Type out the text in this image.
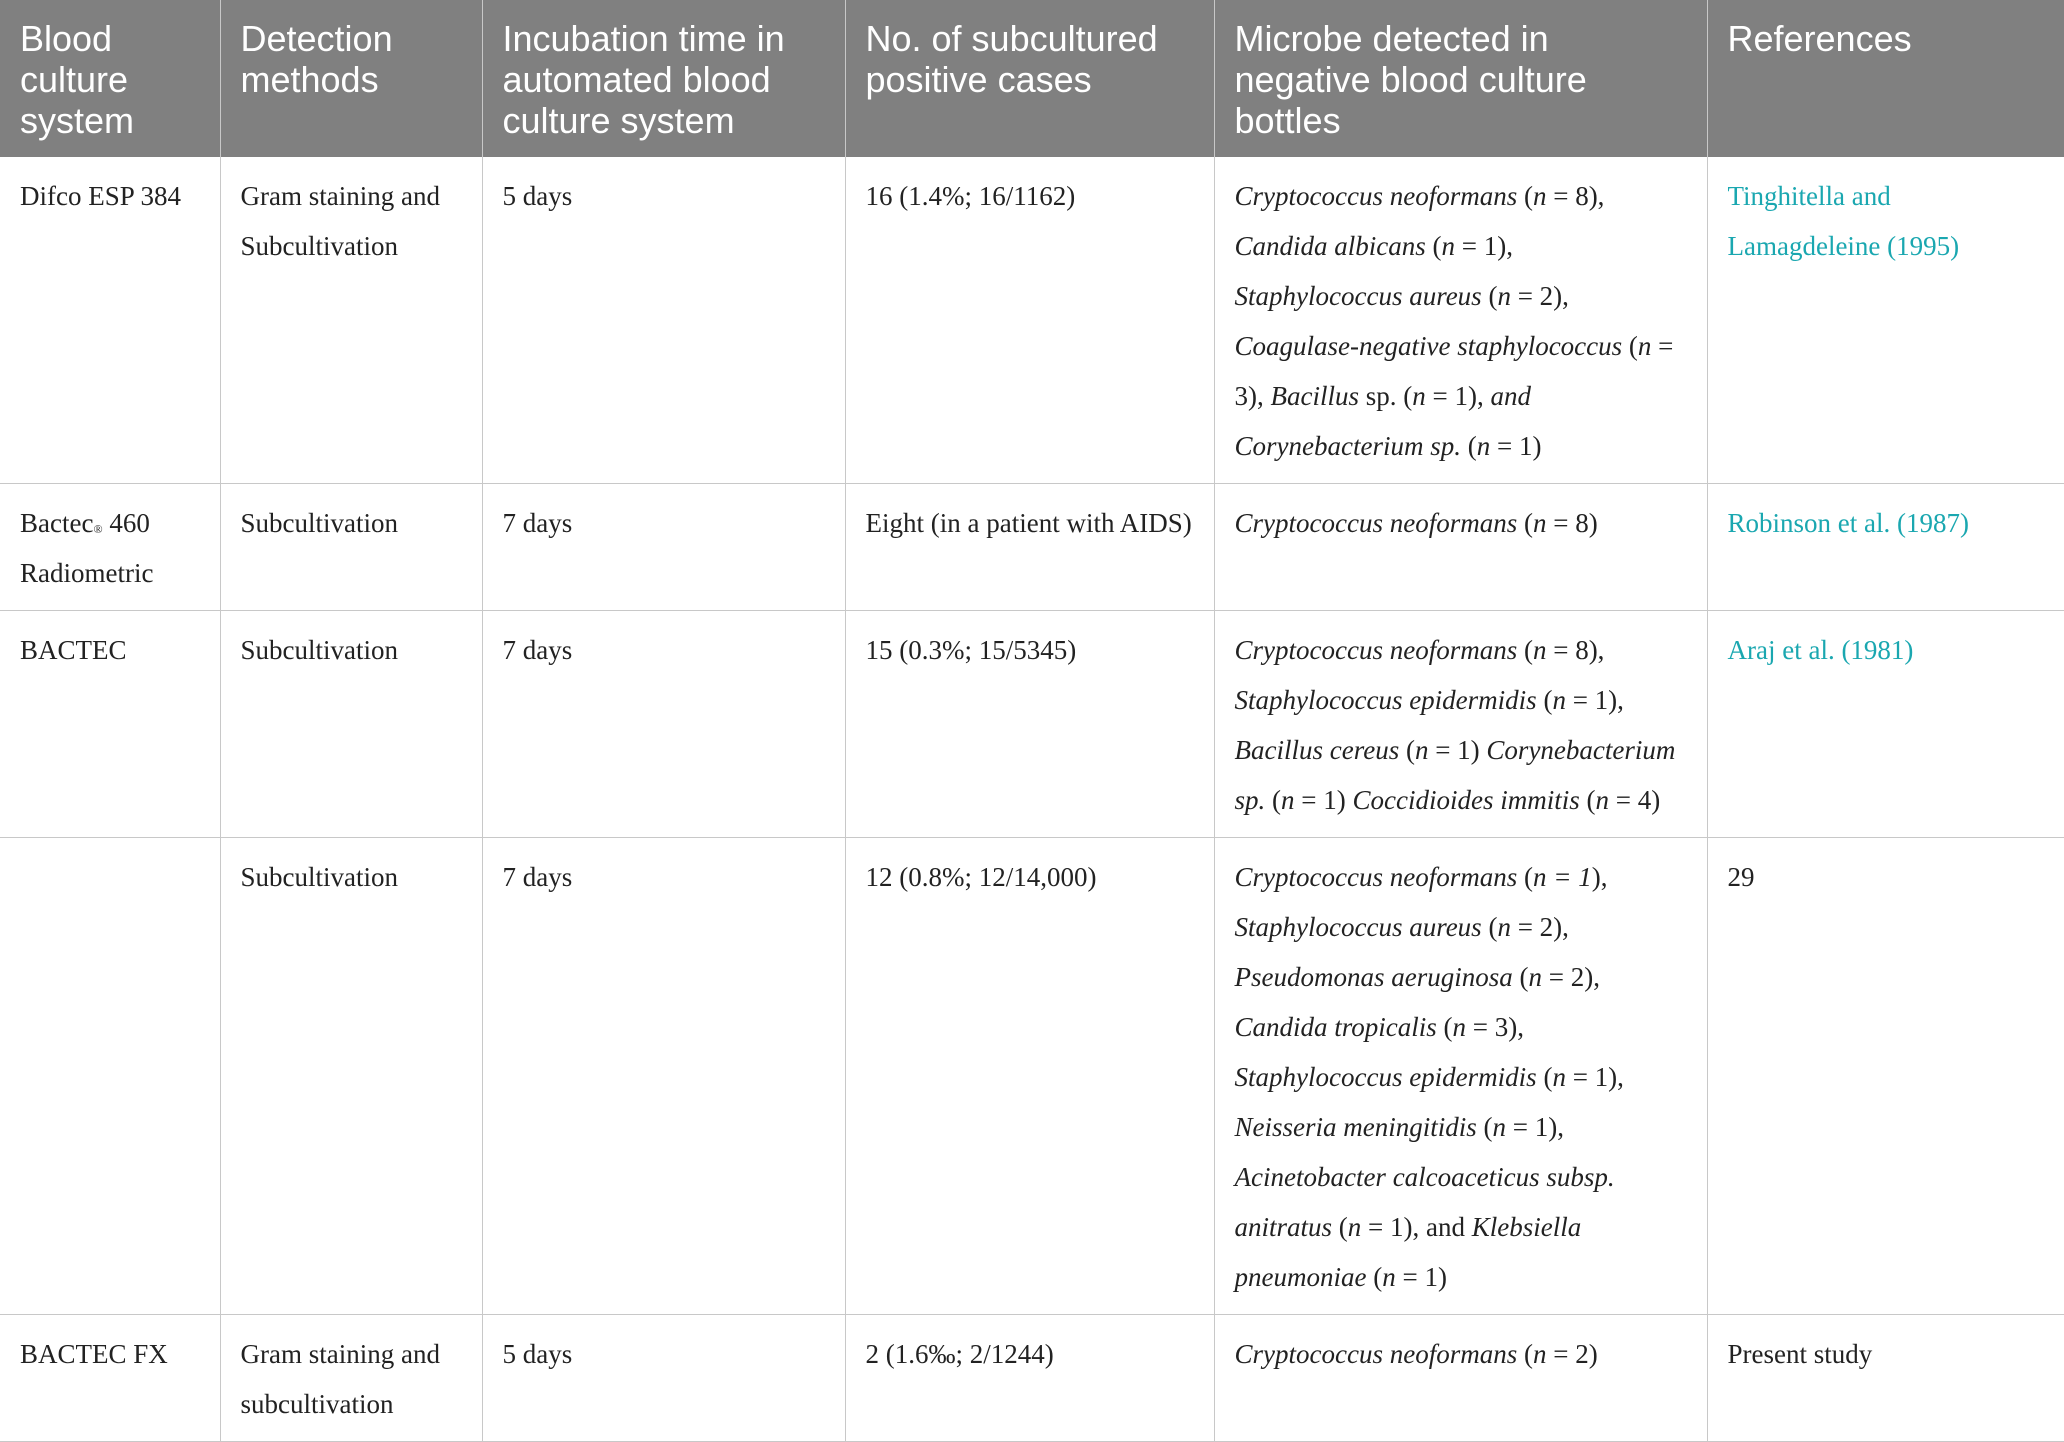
Blood culture system	Detection methods	Incubation time in automated blood culture system	No. of subcultured positive cases	Microbe detected in negative blood culture bottles	References
Difco ESP 384	Gram staining and Subcultivation	5 days	16 (1.4%; 16/1162)	Cryptococcus neoformans (n = 8), Candida albicans (n = 1), Staphylococcus aureus (n = 2), Coagulase-negative staphylococcus (n = 3), Bacillus sp. (n = 1), and Corynebacterium sp. (n = 1)	Tinghitella and Lamagdeleine (1995)
Bactec® 460 Radiometric	Subcultivation	7 days	Eight (in a patient with AIDS)	Cryptococcus neoformans (n = 8)	Robinson et al. (1987)
BACTEC	Subcultivation	7 days	15 (0.3%; 15/5345)	Cryptococcus neoformans (n = 8), Staphylococcus epidermidis (n = 1), Bacillus cereus (n = 1) Corynebacterium sp. (n = 1) Coccidioides immitis (n = 4)	Araj et al. (1981)
	Subcultivation	7 days	12 (0.8%; 12/14,000)	Cryptococcus neoformans (n = 1), Staphylococcus aureus (n = 2), Pseudomonas aeruginosa (n = 2), Candida tropicalis (n = 3), Staphylococcus epidermidis (n = 1), Neisseria meningitidis (n = 1), Acinetobacter calcoaceticus subsp. anitratus (n = 1), and Klebsiella pneumoniae (n = 1)	29
BACTEC FX	Gram staining and subcultivation	5 days	2 (1.6‰; 2/1244)	Cryptococcus neoformans (n = 2)	Present study
